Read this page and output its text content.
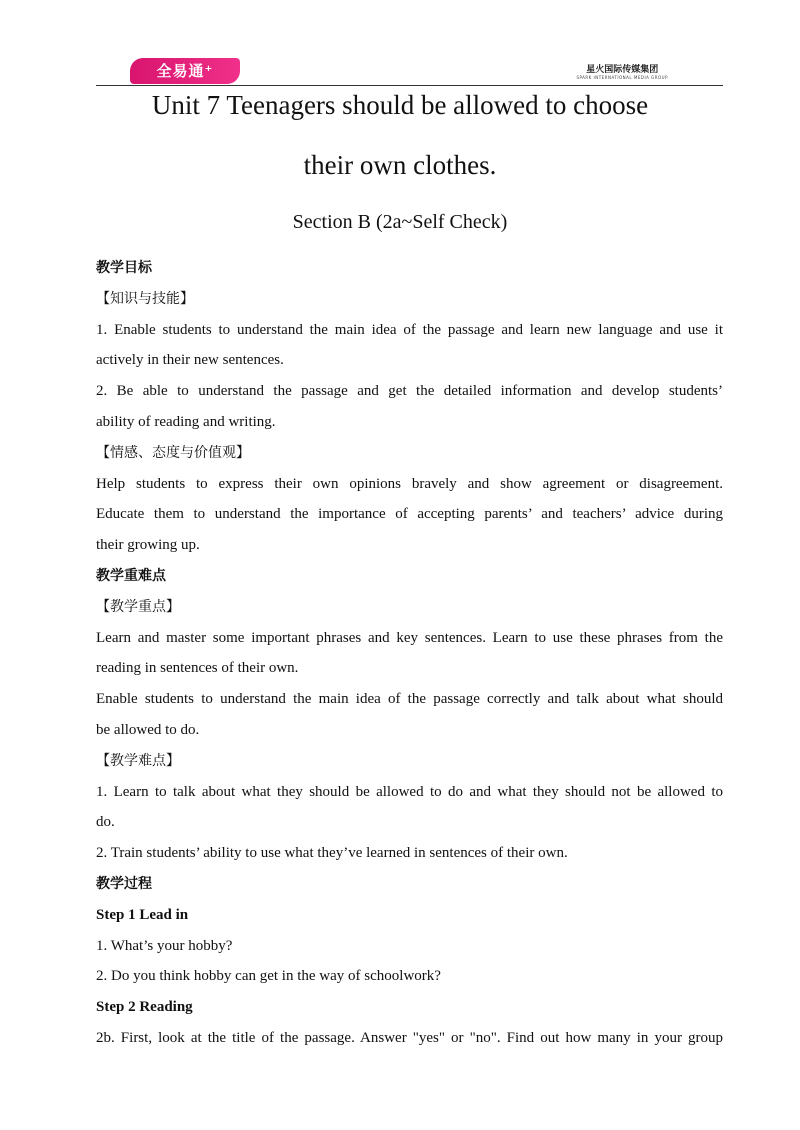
全易通⁺	星火国际传媒集团
SPARK INTERNATIONAL MEDIA GROUP
Unit 7 Teenagers should be allowed to choose
their own clothes.
Section B (2a~Self Check)
教学目标
【知识与技能】
1. Enable students to understand the main idea of the passage and learn new language and use it
actively in their new sentences.
2. Be able to understand the passage and get the detailed information and develop students’
ability of reading and writing.
【情感、态度与价值观】
Help students to express their own opinions bravely and show agreement or disagreement.
Educate them to understand the importance of accepting parents’ and teachers’ advice during
their growing up.
教学重难点
【教学重点】
Learn and master some important phrases and key sentences. Learn to use these phrases from the
reading in sentences of their own.
Enable students to understand the main idea of the passage correctly and talk about what should
be allowed to do.
【教学难点】
1. Learn to talk about what they should be allowed to do and what they should not be allowed to
do.
2. Train students’ ability to use what they’ve learned in sentences of their own.
教学过程
Step 1 Lead in
1. What’s your hobby?
2. Do you think hobby can get in the way of schoolwork?
Step 2 Reading
2b. First, look at the title of the passage. Answer "yes" or "no". Find out how many in your group
